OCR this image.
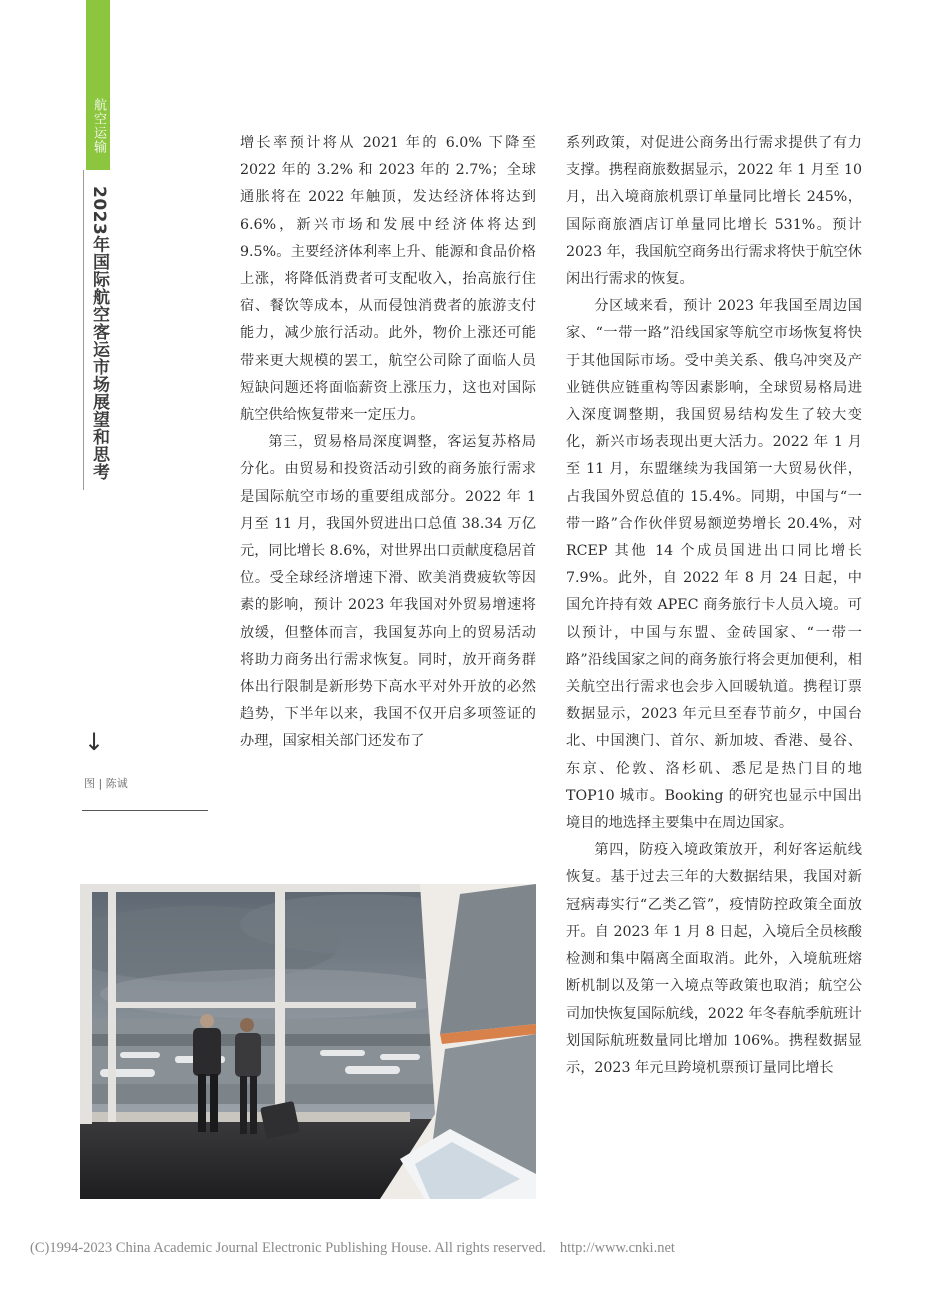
航空运输
2023年国际航空客运市场展望和思考
↓
图 | 陈诚

增长率预计将从 2021 年的 6.0% 下降至 2022 年的 3.2% 和 2023 年的 2.7%；全球通胀将在 2022 年触顶，发达经济体将达到 6.6%，新兴市场和发展中经济体将达到 9.5%。主要经济体利率上升、能源和食品价格上涨，将降低消费者可支配收入，抬高旅行住宿、餐饮等成本，从而侵蚀消费者的旅游支付能力，减少旅行活动。此外，物价上涨还可能带来更大规模的罢工，航空公司除了面临人员短缺问题还将面临薪资上涨压力，这也对国际航空供给恢复带来一定压力。

第三，贸易格局深度调整，客运复苏格局分化。由贸易和投资活动引致的商务旅行需求是国际航空市场的重要组成部分。2022 年 1 月至 11 月，我国外贸进出口总值 38.34 万亿元，同比增长 8.6%，对世界出口贡献度稳居首位。受全球经济增速下滑、欧美消费疲软等因素的影响，预计 2023 年我国对外贸易增速将放缓，但整体而言，我国复苏向上的贸易活动将助力商务出行需求恢复。同时，放开商务群体出行限制是新形势下高水平对外开放的必然趋势，下半年以来，我国不仅开启多项签证的办理，国家相关部门还发布了

系列政策，对促进公商务出行需求提供了有力支撑。携程商旅数据显示，2022 年 1 月至 10 月，出入境商旅机票订单量同比增长 245%，国际商旅酒店订单量同比增长 531%。预计 2023 年，我国航空商务出行需求将快于航空休闲出行需求的恢复。

分区域来看，预计 2023 年我国至周边国家、“一带一路”沿线国家等航空市场恢复将快于其他国际市场。受中美关系、俄乌冲突及产业链供应链重构等因素影响，全球贸易格局进入深度调整期，我国贸易结构发生了较大变化，新兴市场表现出更大活力。2022 年 1 月至 11 月，东盟继续为我国第一大贸易伙伴，占我国外贸总值的 15.4%。同期，中国与“一带一路”合作伙伴贸易额逆势增长 20.4%，对 RCEP 其他 14 个成员国进出口同比增长 7.9%。此外，自 2022 年 8 月 24 日起，中国允许持有效 APEC 商务旅行卡人员入境。可以预计，中国与东盟、金砖国家、“一带一路”沿线国家之间的商务旅行将会更加便利，相关航空出行需求也会步入回暖轨道。携程订票数据显示，2023 年元旦至春节前夕，中国台北、中国澳门、首尔、新加坡、香港、曼谷、东京、伦敦、洛杉矶、悉尼是热门目的地 TOP10 城市。Booking 的研究也显示中国出境目的地选择主要集中在周边国家。

第四，防疫入境政策放开，利好客运航线恢复。基于过去三年的大数据结果，我国对新冠病毒实行“乙类乙管”，疫情防控政策全面放开。自 2023 年 1 月 8 日起，入境后全员核酸检测和集中隔离全面取消。此外，入境航班熔断机制以及第一入境点等政策也取消；航空公司加快恢复国际航线，2022 年冬春航季航班计划国际航班数量同比增加 106%。携程数据显示，2023 年元旦跨境机票预订量同比增长

(C)1994-2023 China Academic Journal Electronic Publishing House. All rights reserved. http://www.cnki.net
